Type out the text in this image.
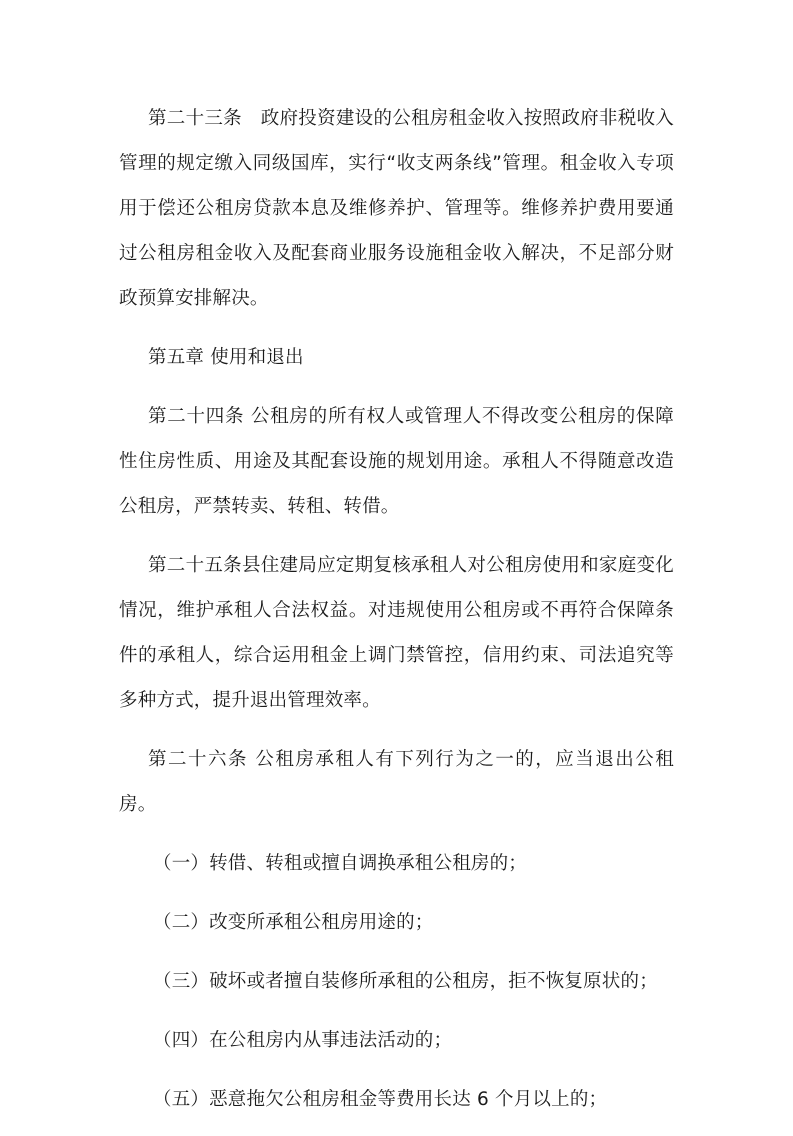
第二十三条　政府投资建设的公租房租金收入按照政府非税收入管理的规定缴入同级国库，实行“收支两条线”管理。租金收入专项用于偿还公租房贷款本息及维修养护、管理等。维修养护费用要通过公租房租金收入及配套商业服务设施租金收入解决，不足部分财政预算安排解决。

第五章 使用和退出

第二十四条 公租房的所有权人或管理人不得改变公租房的保障性住房性质、用途及其配套设施的规划用途。承租人不得随意改造公租房，严禁转卖、转租、转借。

第二十五条县住建局应定期复核承租人对公租房使用和家庭变化情况，维护承租人合法权益。对违规使用公租房或不再符合保障条件的承租人，综合运用租金上调门禁管控，信用约束、司法追究等多种方式，提升退出管理效率。

第二十六条 公租房承租人有下列行为之一的，应当退出公租房。

（一）转借、转租或擅自调换承租公租房的；

（二）改变所承租公租房用途的；

（三）破坏或者擅自装修所承租的公租房，拒不恢复原状的；

（四）在公租房内从事违法活动的；

（五）恶意拖欠公租房租金等费用长达 6 个月以上的；
